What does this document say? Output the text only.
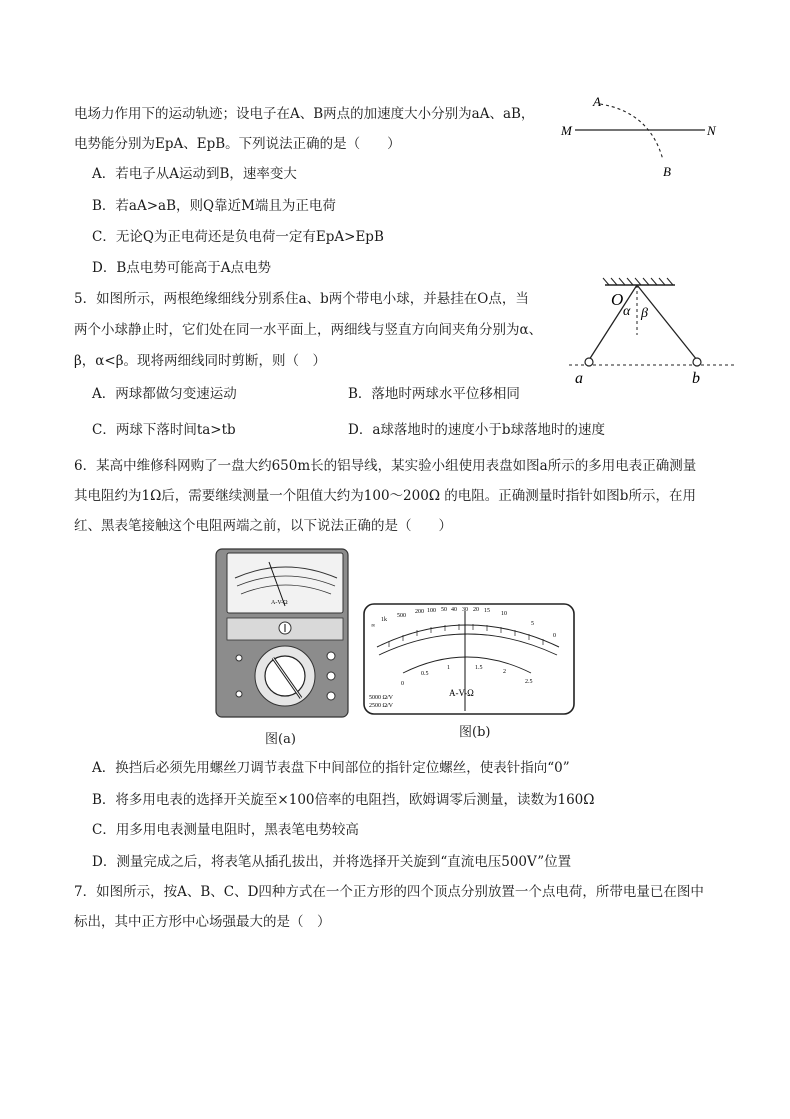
电场力作用下的运动轨迹；设电子在A、B两点的加速度大小分别为aA、aB，
电势能分别为EpA、EpB。下列说法正确的是（　　）
A．若电子从A运动到B，速率变大
B．若aA>aB，则Q靠近M端且为正电荷
C．无论Q为正电荷还是负电荷一定有EpA>EpB
D．B点电势可能高于A点电势
A
M	N
B
5．如图所示，两根绝缘细线分别系住a、b两个带电小球，并悬挂在O点，当
两个小球静止时，它们处在同一水平面上，两细线与竖直方向间夹角分别为α、
β，α<β。现将两细线同时剪断，则（　）
A．两球都做匀变速运动	B．落地时两球水平位移相同
C．两球下落时间ta>tb	D．a球落地时的速度小于b球落地时的速度
O
α β
a	b
6．某高中维修科网购了一盘大约650m长的铝导线，某实验小组使用表盘如图a所示的多用电表正确测量
其电阻约为1Ω后，需要继续测量一个阻值大约为100～200Ω 的电阻。正确测量时指针如图b所示，在用
红、黑表笔接触这个电阻两端之前，以下说法正确的是（　　）
A-V-Ω
图(a)
∞
1k
500
200 100 50 40 30 20 15 10
5
0
0
0.5
1	1.5
2
2.5
A-V-Ω
5000 Ω/V
2500 Ω/V
图(b)
A．换挡后必须先用螺丝刀调节表盘下中间部位的指针定位螺丝，使表针指向“0”
B．将多用电表的选择开关旋至×100倍率的电阻挡，欧姆调零后测量，读数为160Ω
C．用多用电表测量电阻时，黑表笔电势较高
D．测量完成之后，将表笔从插孔拔出，并将选择开关旋到“直流电压500V”位置
7．如图所示，按A、B、C、D四种方式在一个正方形的四个顶点分别放置一个点电荷，所带电量已在图中
标出，其中正方形中心场强最大的是（　）
